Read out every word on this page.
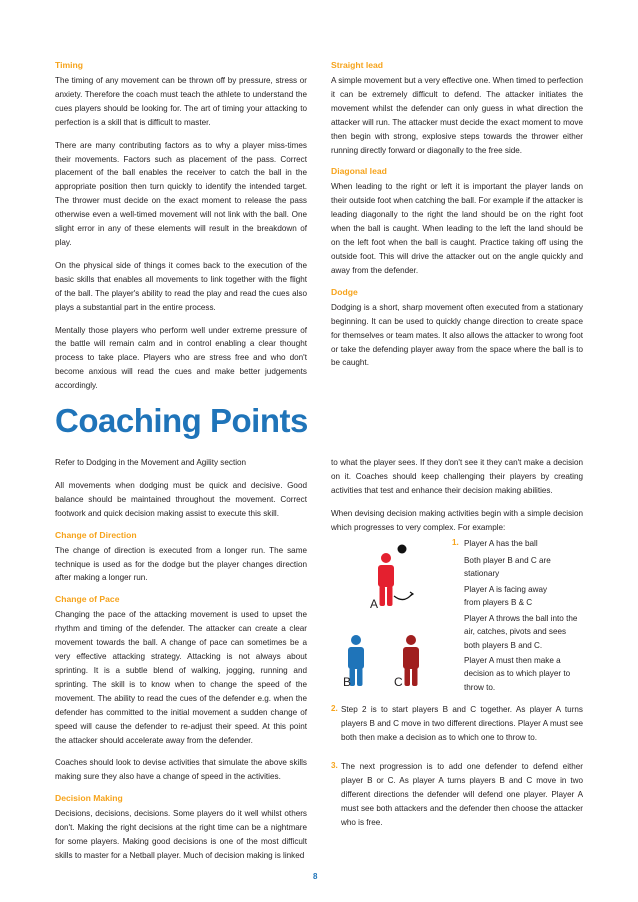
Timing

The timing of any movement can be thrown off by pressure, stress or anxiety. Therefore the coach must teach the athlete to understand the cues players should be looking for. The art of timing your attacking to perfection is a skill that is difficult to master.

There are many contributing factors as to why a player miss-times their movements. Factors such as placement of the pass. Correct placement of the ball enables the receiver to catch the ball in the appropriate position then turn quickly to identify the intended target. The thrower must decide on the exact moment to release the pass otherwise even a well-timed movement will not link with the ball. One slight error in any of these elements will result in the breakdown of play.

On the physical side of things it comes back to the execution of the basic skills that enables all movements to link together with the flight of the ball. The player's ability to read the play and read the cues also plays a substantial part in the entire process.

Mentally those players who perform well under extreme pressure of the battle will remain calm and in control enabling a clear thought process to take place. Players who are stress free and who don't become anxious will read the cues and make better judgements accordingly.

Straight lead

A simple movement but a very effective one. When timed to perfection it can be extremely difficult to defend. The attacker initiates the movement whilst the defender can only guess in what direction the attacker will run. The attacker must decide the exact moment to move then begin with strong, explosive steps towards the thrower either running directly forward or diagonally to the free side.

Diagonal lead

When leading to the right or left it is important the player lands on their outside foot when catching the ball. For example if the attacker is leading diagonally to the right the land should be on the right foot when the ball is caught. When leading to the left the land should be on the left foot when the ball is caught. Practice taking off using the outside foot. This will drive the attacker out on the angle quickly and away from the defender.

Dodge

Dodging is a short, sharp movement often executed from a stationary beginning. It can be used to quickly change direction to create space for themselves or team mates. It also allows the attacker to wrong foot or take the defending player away from the space where the ball is to be caught.

Coaching Points

Refer to Dodging in the Movement and Agility section

All movements when dodging must be quick and decisive. Good balance should be maintained throughout the movement. Correct footwork and quick decision making assist to execute this skill.

Change of Direction

The change of direction is executed from a longer run. The same technique is used as for the dodge but the player changes direction after making a longer run.

Change of Pace

Changing the pace of the attacking movement is used to upset the rhythm and timing of the defender. The attacker can create a clear movement towards the ball. A change of pace can sometimes be a very effective attacking strategy. Attacking is not always about sprinting. It is a subtle blend of walking, jogging, running and sprinting. The skill is to know when to change the speed of the movement. The ability to read the cues of the defender e.g. when the defender has committed to the initial movement a sudden change of speed will cause the defender to re-adjust their speed. At this point the attacker should accelerate away from the defender.

Coaches should look to devise activities that simulate the above skills making sure they also have a change of speed in the activities.

Decision Making

Decisions, decisions, decisions. Some players do it well whilst others don't. Making the right decisions at the right time can be a nightmare for some players. Making good decisions is one of the most difficult skills to master for a Netball player. Much of decision making is linked

to what the player sees. If they don't see it they can't make a decision on it. Coaches should keep challenging their players by creating activities that test and enhance their decision making abilities.

When devising decision making activities begin with a simple decision which progresses to very complex. For example:

A
B	C
1. Player A has the ball
Both player B and C are stationary
Player A is facing away from players B & C
Player A throws the ball into the air, catches, pivots and sees both players B and C.
Player A must then make a decision as to which player to throw to.
2. Step 2 is to start players B and C together. As player A turns players B and C move in two different directions. Player A must see both then make a decision as to which one to throw to.
3. The next progression is to add one defender to defend either player B or C. As player A turns players B and C move in two different directions the defender will defend one player. Player A must see both attackers and the defender then choose the attacker who is free.
8
